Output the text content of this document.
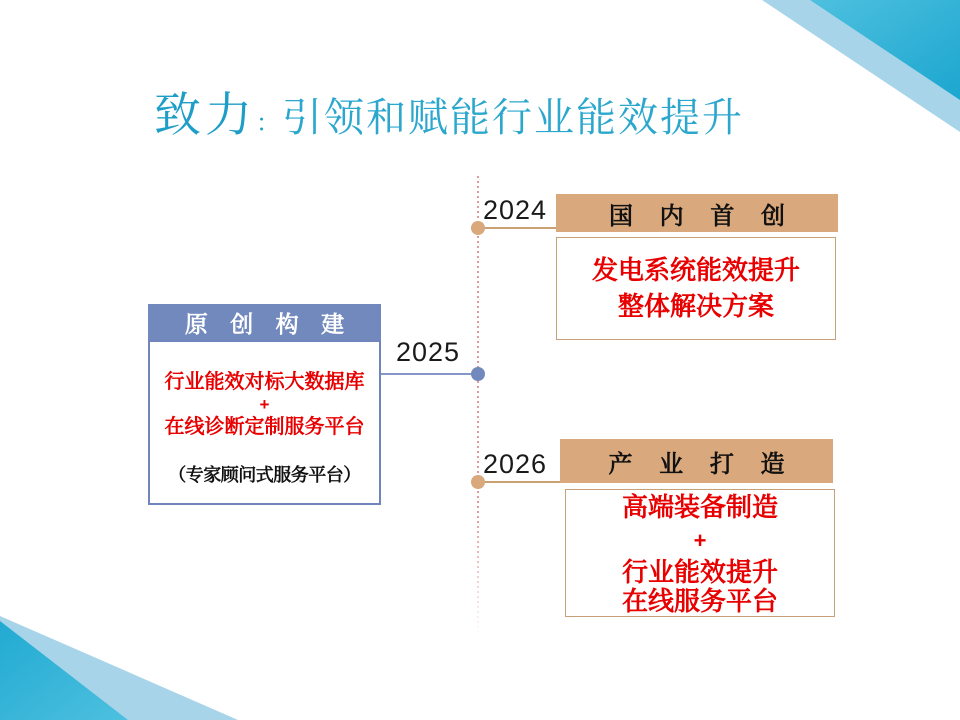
致力：引领和赋能行业能效提升
2024	国 内 首 创
发电系统能效提升
整体解决方案
原 创 构 建
行业能效对标大数据库
+
在线诊断定制服务平台
（专家顾问式服务平台）
2025
2026	产 业 打 造
高端装备制造
+
行业能效提升
在线服务平台
